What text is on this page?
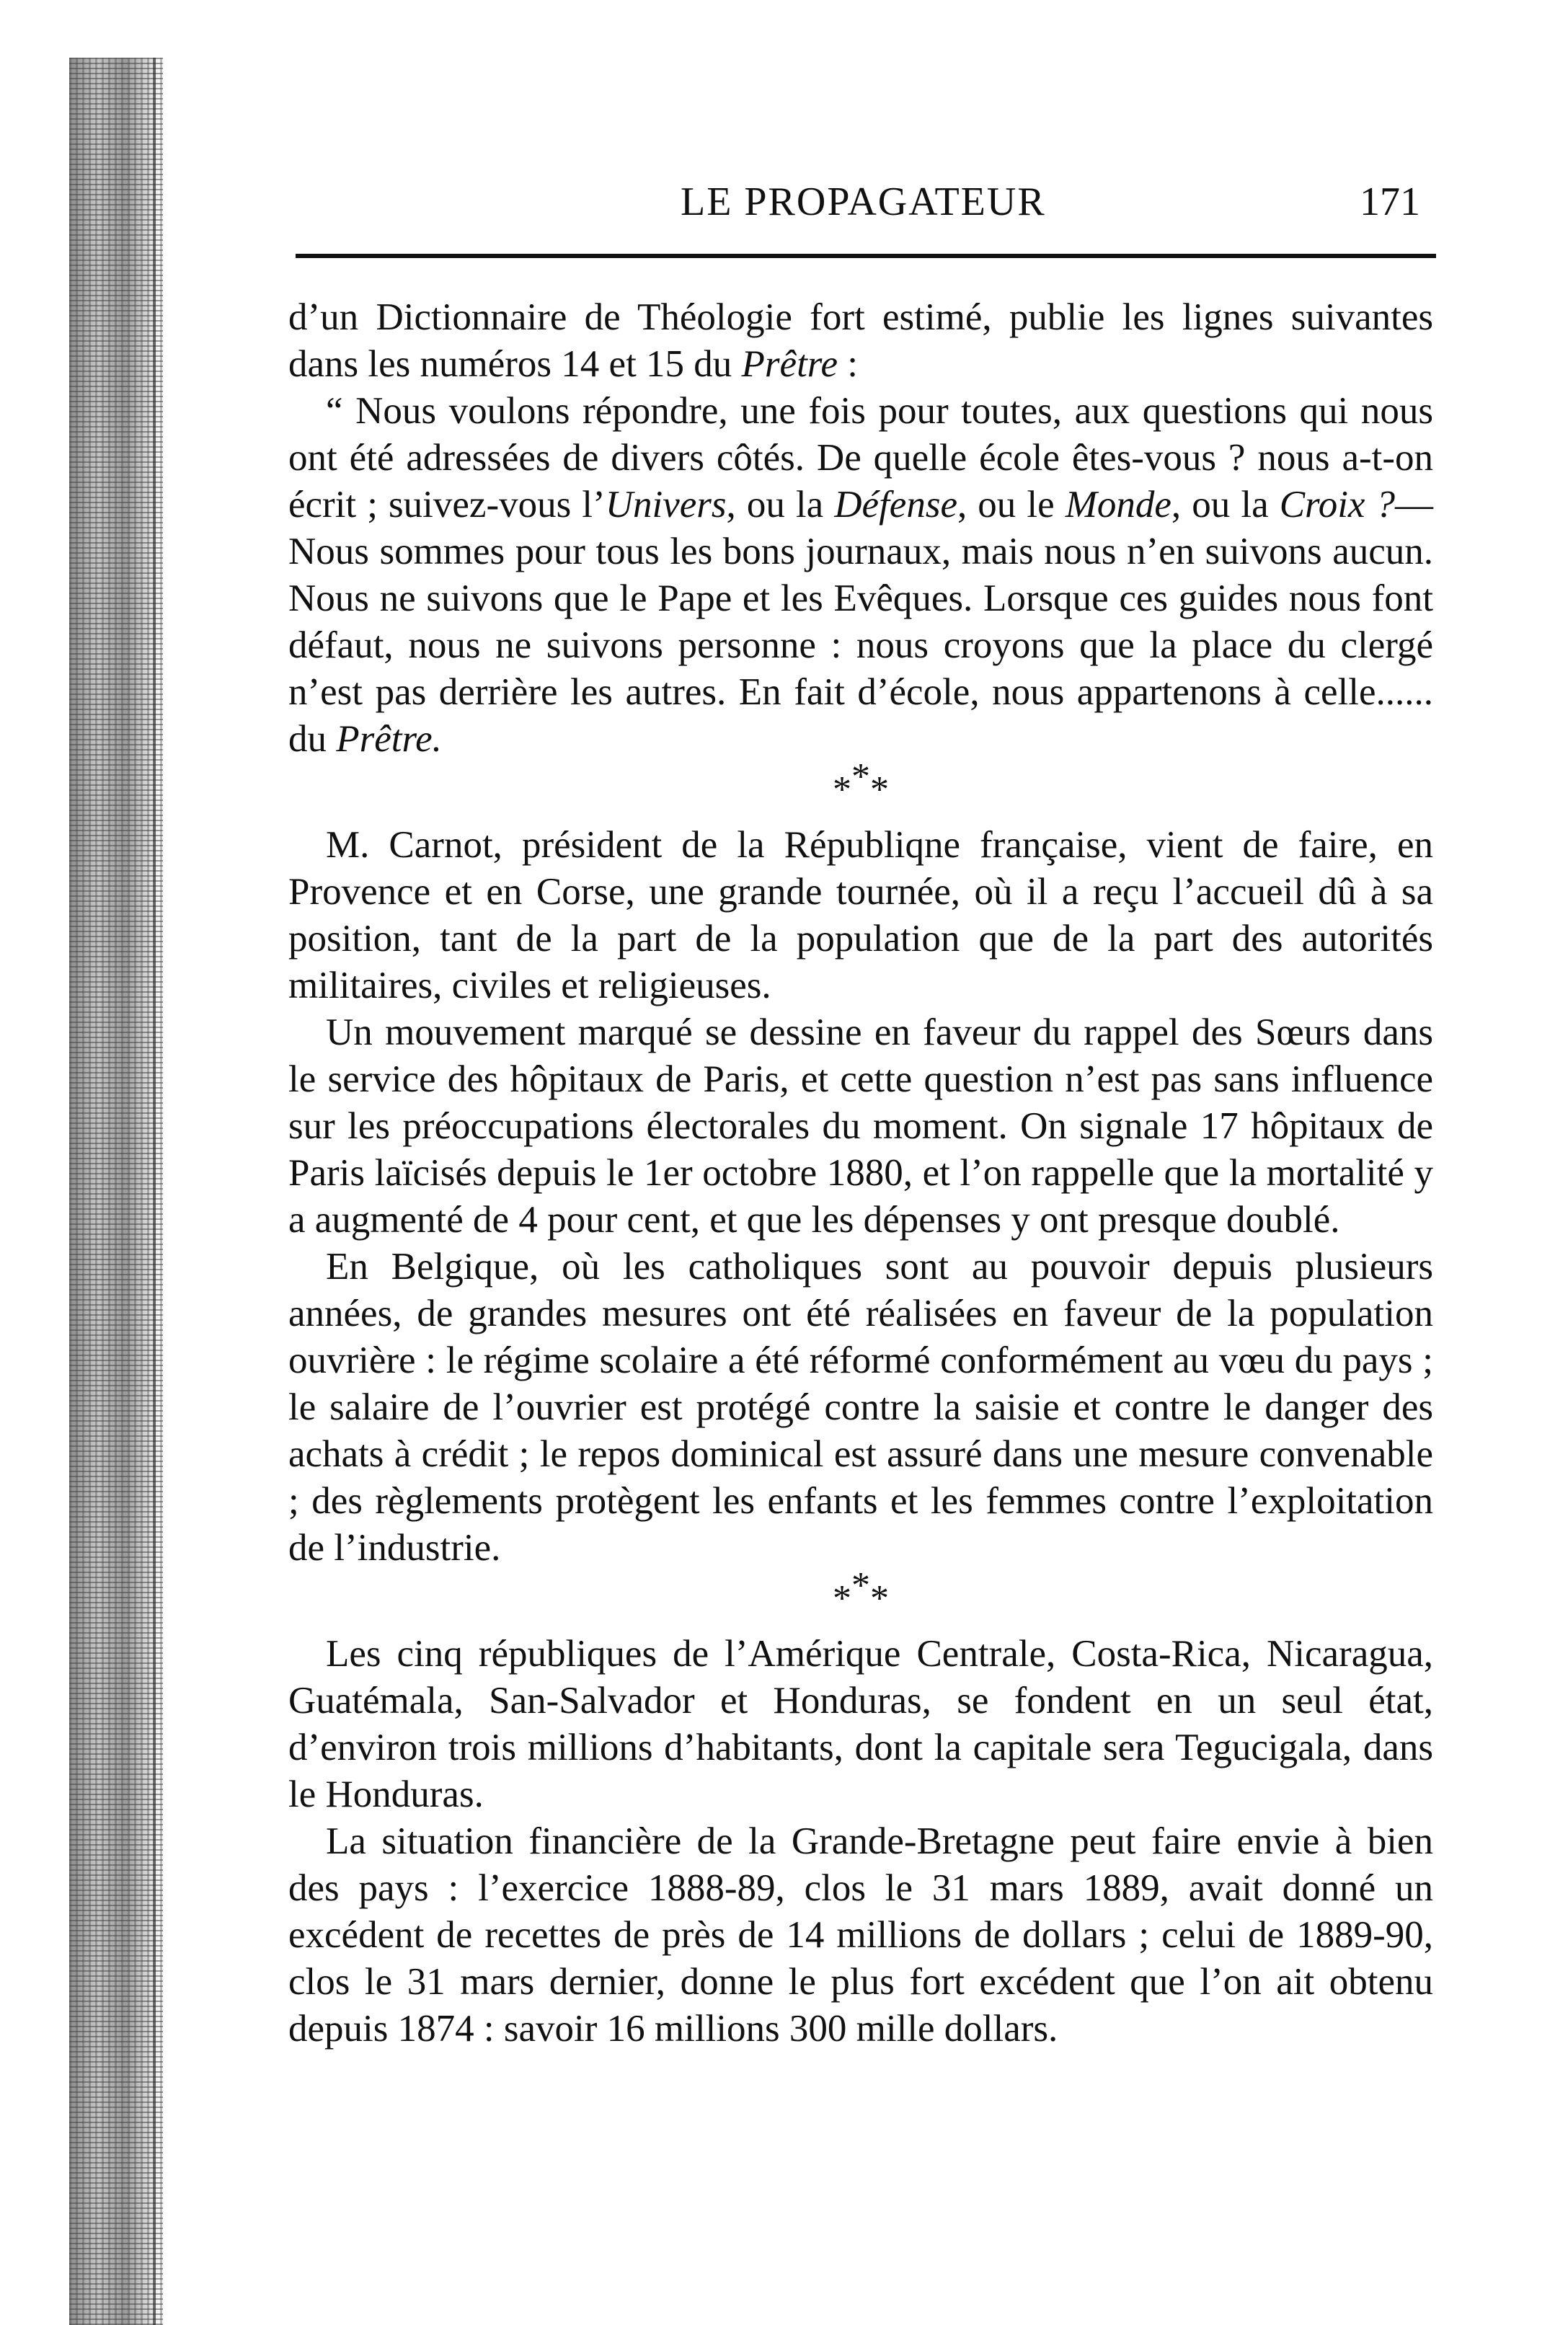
LE PROPAGATEUR	171

d’un Dictionnaire de Théologie fort estimé, publie les lignes suivantes dans les numéros 14 et 15 du Prêtre :

“ Nous voulons répondre, une fois pour toutes, aux questions qui nous ont été adressées de divers côtés. De quelle école êtes-vous ? nous a-t-on écrit ; suivez-vous l’Univers, ou la Défense, ou le Monde, ou la Croix ?—Nous sommes pour tous les bons journaux, mais nous n’en suivons aucun. Nous ne suivons que le Pape et les Evêques. Lorsque ces guides nous font défaut, nous ne suivons personne : nous croyons que la place du clergé n’est pas derrière les autres. En fait d’école, nous appartenons à celle...... du Prêtre.

***

M. Carnot, président de la Républiqne française, vient de faire, en Provence et en Corse, une grande tournée, où il a reçu l’accueil dû à sa position, tant de la part de la population que de la part des autorités militaires, civiles et religieuses.

Un mouvement marqué se dessine en faveur du rappel des Sœurs dans le service des hôpitaux de Paris, et cette question n’est pas sans influence sur les préoccupations électorales du moment. On signale 17 hôpitaux de Paris laïcisés depuis le 1er octobre 1880, et l’on rappelle que la mortalité y a augmenté de 4 pour cent, et que les dépenses y ont presque doublé.

En Belgique, où les catholiques sont au pouvoir depuis plusieurs années, de grandes mesures ont été réalisées en faveur de la population ouvrière : le régime scolaire a été réformé conformément au vœu du pays ; le salaire de l’ouvrier est protégé contre la saisie et contre le danger des achats à crédit ; le repos dominical est assuré dans une mesure convenable ; des règlements protègent les enfants et les femmes contre l’exploitation de l’industrie.

***

Les cinq républiques de l’Amérique Centrale, Costa-Rica, Nicaragua, Guatémala, San-Salvador et Honduras, se fondent en un seul état, d’environ trois millions d’habitants, dont la capitale sera Tegucigala, dans le Honduras.

La situation financière de la Grande-Bretagne peut faire envie à bien des pays : l’exercice 1888-89, clos le 31 mars 1889, avait donné un excédent de recettes de près de 14 millions de dollars ; celui de 1889-90, clos le 31 mars dernier, donne le plus fort excédent que l’on ait obtenu depuis 1874 : savoir 16 millions 300 mille dollars.
